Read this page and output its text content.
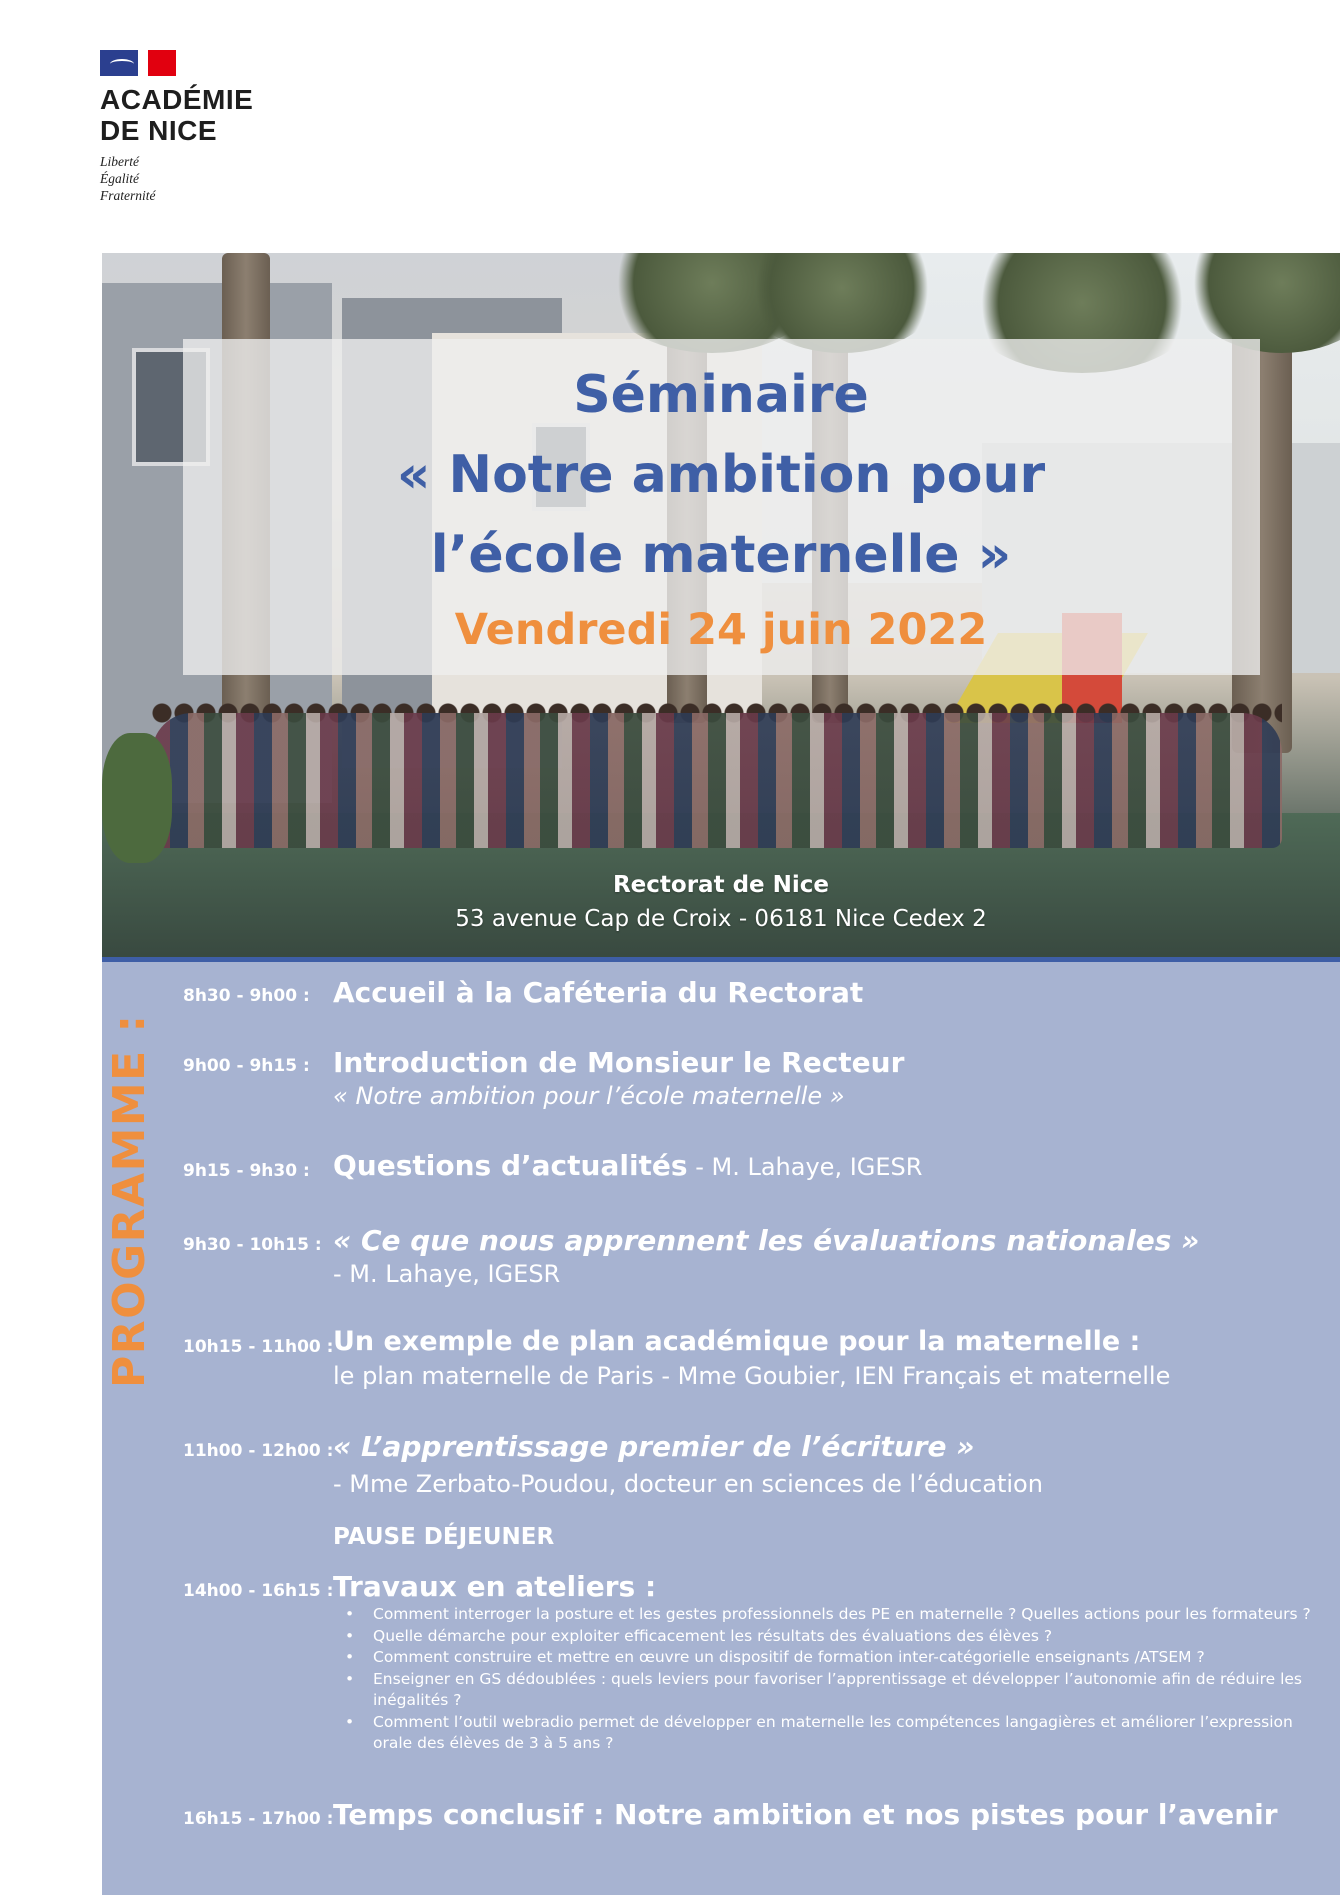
ACADÉMIE
DE NICE
Liberté
Égalité
Fraternité
Séminaire
« Notre ambition pour
l’école maternelle »
Vendredi 24 juin 2022
Rectorat de Nice
53 avenue Cap de Croix - 06181 Nice Cedex 2
PROGRAMME :
8h30 - 9h00 : Accueil à la Caféteria du Rectorat
9h00 - 9h15 : Introduction de Monsieur le Recteur
« Notre ambition pour l’école maternelle »
9h15 - 9h30 : Questions d’actualités - M. Lahaye, IGESR
9h30 - 10h15 : « Ce que nous apprennent les évaluations nationales »
- M. Lahaye, IGESR
10h15 - 11h00 : Un exemple de plan académique pour la maternelle :
le plan maternelle de Paris - Mme Goubier, IEN Français et maternelle
11h00 - 12h00 : « L’apprentissage premier de l’écriture »
- Mme Zerbato-Poudou, docteur en sciences de l’éducation
PAUSE DÉJEUNER
14h00 - 16h15 : Travaux en ateliers :
• Comment interroger la posture et les gestes professionnels des PE en maternelle ? Quelles actions pour les formateurs ?
• Quelle démarche pour exploiter efficacement les résultats des évaluations des élèves ?
• Comment construire et mettre en œuvre un dispositif de formation inter-catégorielle enseignants /ATSEM ?
• Enseigner en GS dédoublées : quels leviers pour favoriser l’apprentissage et développer l’autonomie afin de réduire les inégalités ?
• Comment l’outil webradio permet de développer en maternelle les compétences langagières et améliorer l’expression orale des élèves de 3 à 5 ans ?
16h15 - 17h00 : Temps conclusif : Notre ambition et nos pistes pour l’avenir
